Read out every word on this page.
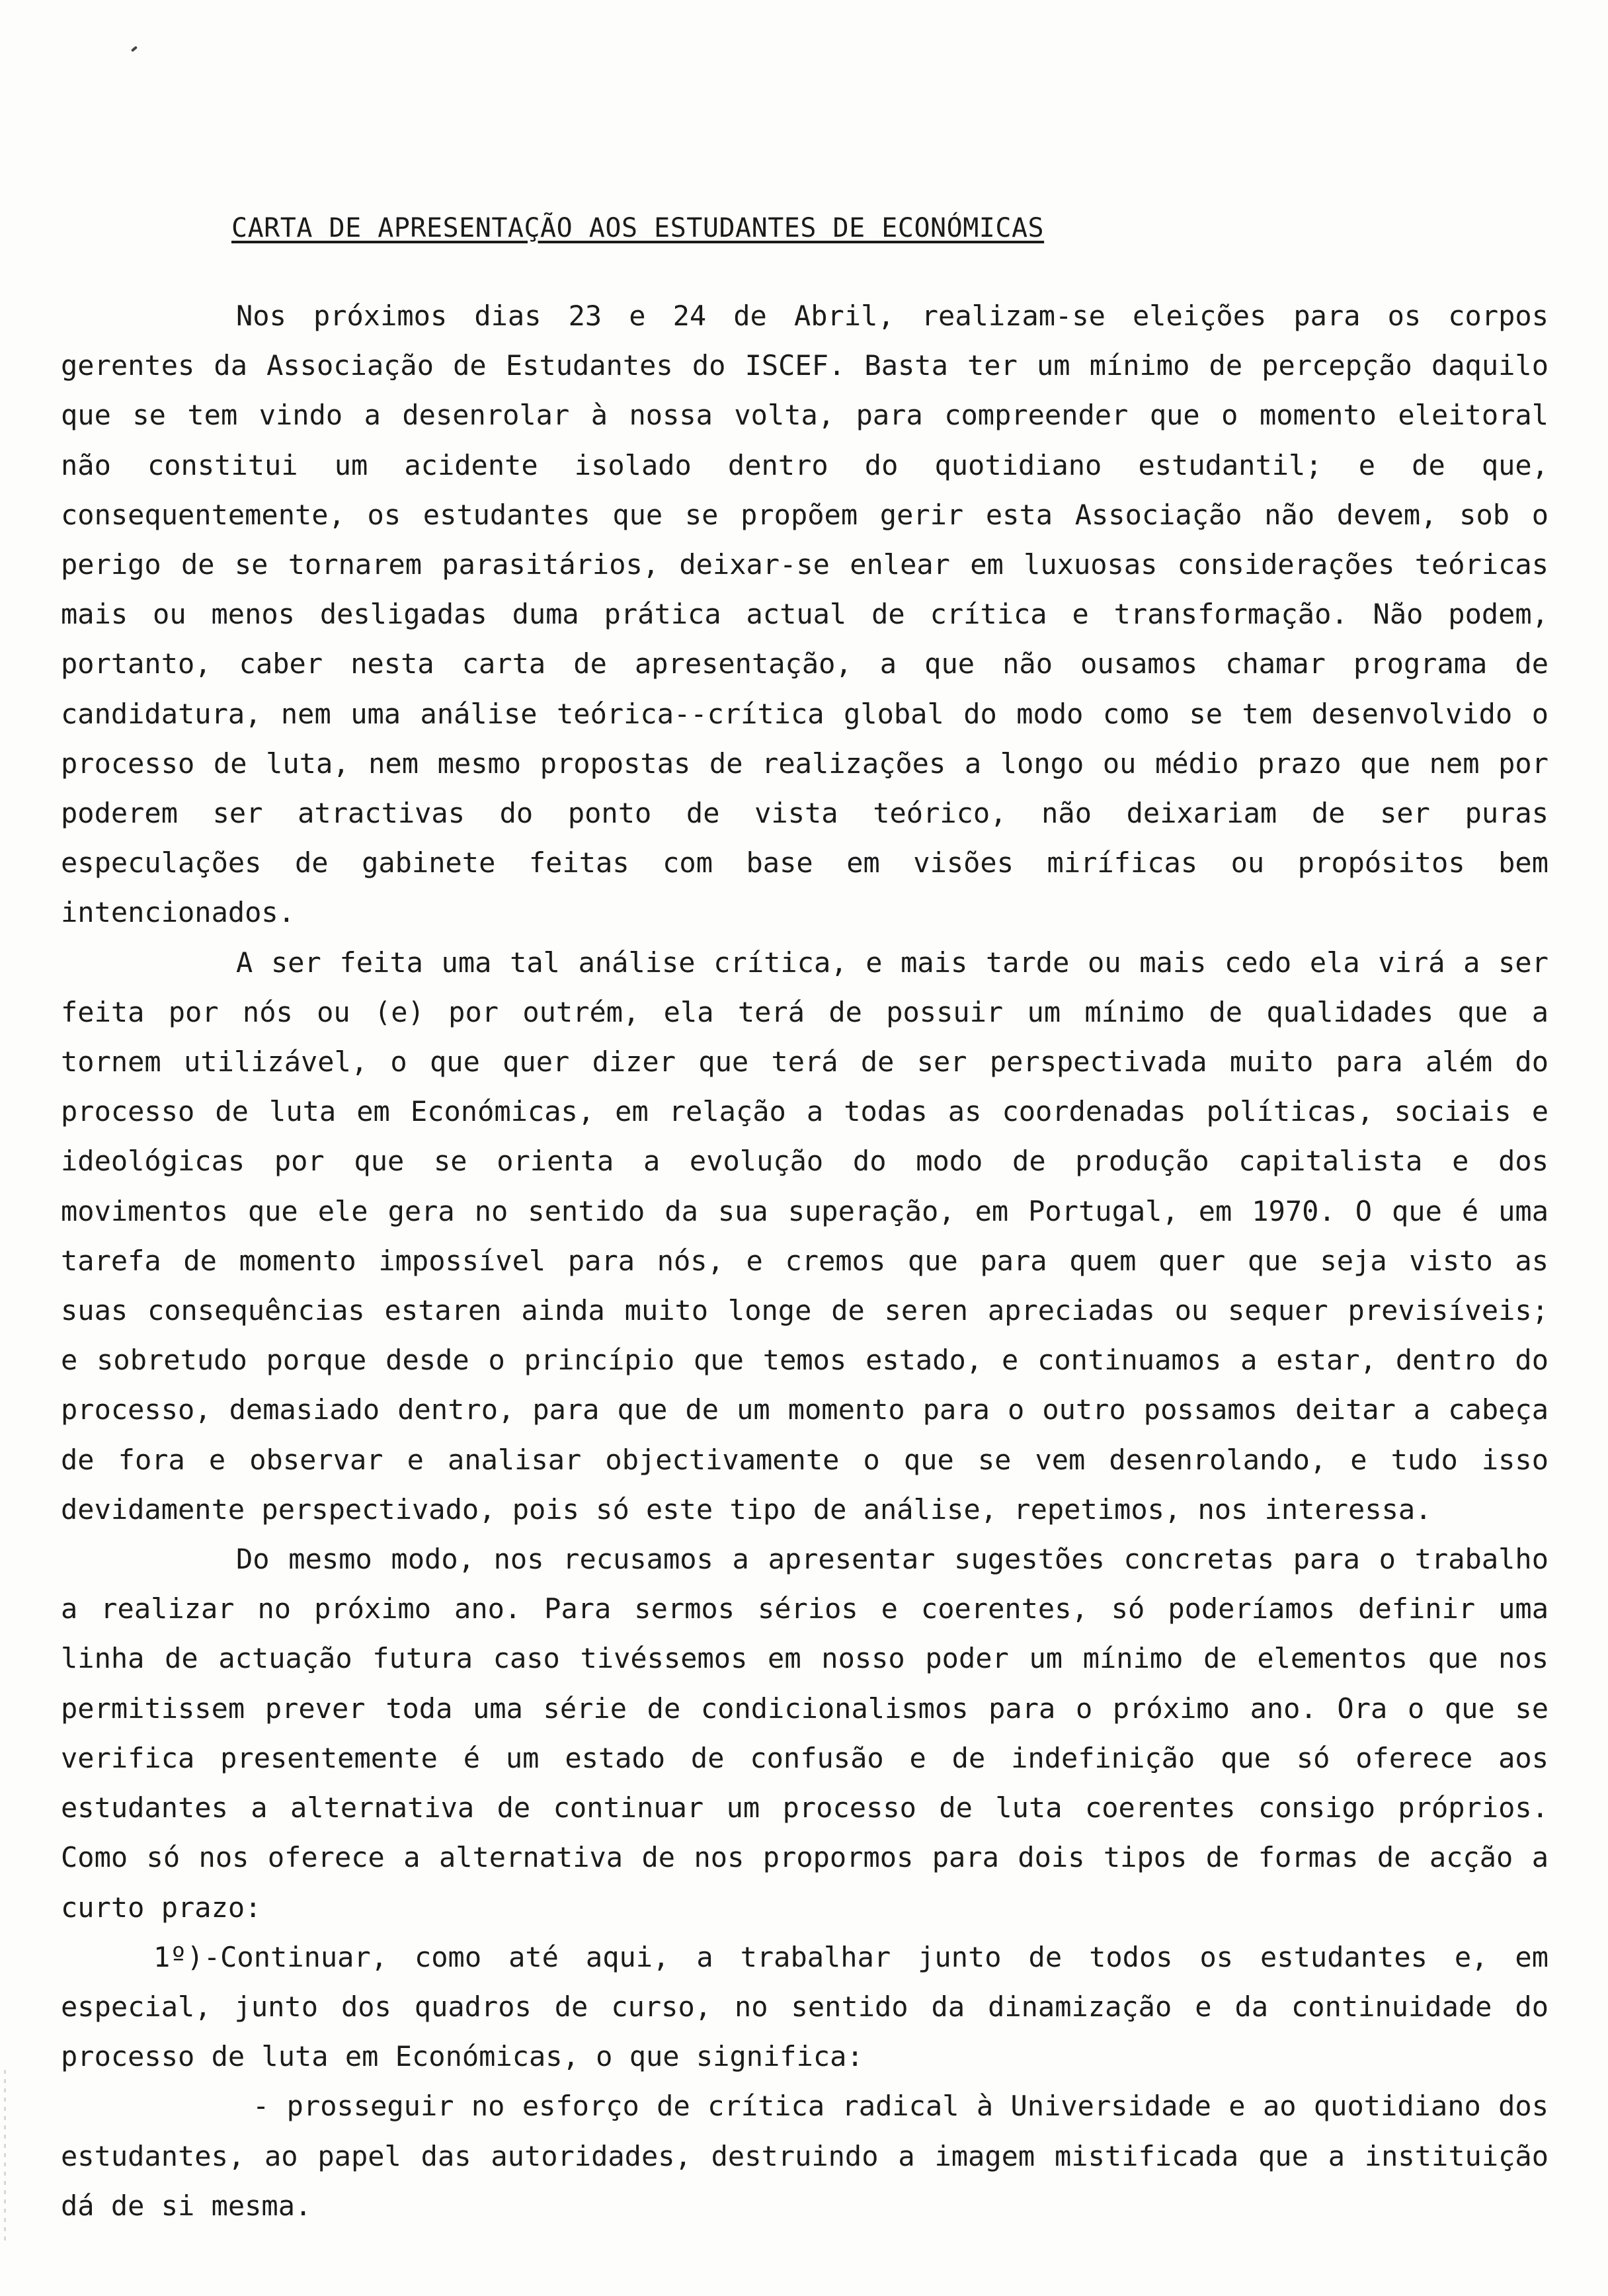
CARTA DE APRESENTAÇÃO AOS ESTUDANTES DE ECONÓMICAS

Nos próximos dias 23 e 24 de Abril, realizam-se eleições para os corpos gerentes da Associação de Estudantes do ISCEF. Basta ter um mínimo de percepção daquilo que se tem vindo a desenrolar à nossa volta, para compreender que o momento eleitoral não constitui um acidente isolado dentro do quotidiano estudantil; e de que, consequentemente, os estudantes que se propõem gerir esta Associação não devem, sob o perigo de se tornarem parasitários, deixar-se enlear em luxuosas considerações teóricas mais ou menos desligadas duma prática actual de crítica e transformação. Não podem, portanto, caber nesta carta de apresentação, a que não ousamos chamar programa de candidatura, nem uma análise teórica--crítica global do modo como se tem desenvolvido o processo de luta, nem mesmo propostas de realizações a longo ou médio prazo que nem por poderem ser atractivas do ponto de vista teórico, não deixariam de ser puras especulações de gabinete feitas com base em visões miríficas ou propósitos bem intencionados.

A ser feita uma tal análise crítica, e mais tarde ou mais cedo ela virá a ser feita por nós ou (e) por outrém, ela terá de possuir um mínimo de qualidades que a tornem utilizável, o que quer dizer que terá de ser perspectivada muito para além do processo de luta em Económicas, em relação a todas as coordenadas políticas, sociais e ideológicas por que se orienta a evolução do modo de produção capitalista e dos movimentos que ele gera no sentido da sua superação, em Portugal, em 1970. O que é uma tarefa de momento impossível para nós, e cremos que para quem quer que seja visto as suas consequências estaren ainda muito longe de seren apreciadas ou sequer previsíveis; e sobretudo porque desde o princípio que temos estado, e continuamos a estar, dentro do processo, demasiado dentro, para que de um momento para o outro possamos deitar a cabeça de fora e observar e analisar objectivamente o que se vem desenrolando, e tudo isso devidamente perspectivado, pois só este tipo de análise, repetimos, nos interessa.

Do mesmo modo, nos recusamos a apresentar sugestões concretas para o trabalho a realizar no próximo ano. Para sermos sérios e coerentes, só poderíamos definir uma linha de actuação futura caso tivéssemos em nosso poder um mínimo de elementos que nos permitissem prever toda uma série de condicionalismos para o próximo ano. Ora o que se verifica presentemente é um estado de confusão e de indefinição que só oferece aos estudantes a alternativa de continuar um processo de luta coerentes consigo próprios. Como só nos oferece a alternativa de nos propormos para dois tipos de formas de acção a curto prazo:

1º)-Continuar, como até aqui, a trabalhar junto de todos os estudantes e, em especial, junto dos quadros de curso, no sentido da dinamização e da continuidade do processo de luta em Económicas, o que significa:

- prosseguir no esforço de crítica radical à Universidade e ao quotidiano dos estudantes, ao papel das autoridades, destruindo a imagem mistificada que a instituição dá de si mesma.
